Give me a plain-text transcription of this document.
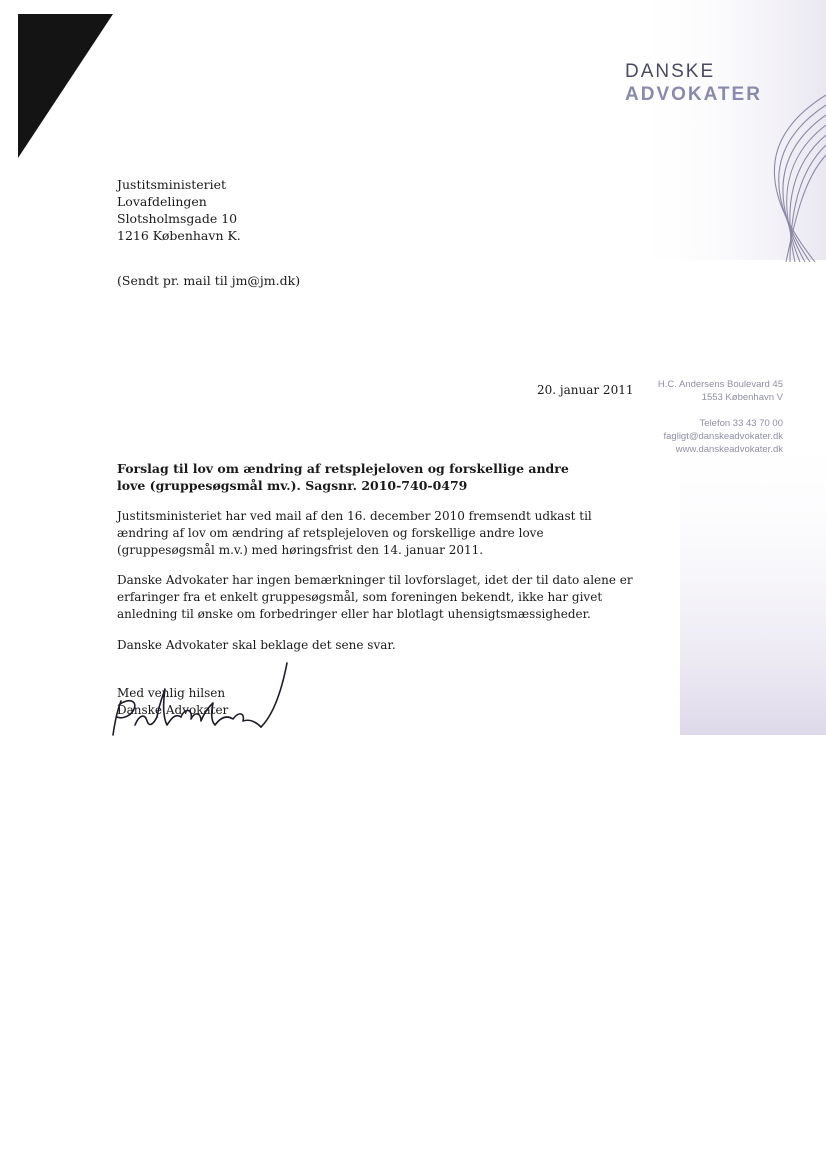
DANSKE
ADVOKATER
Justitsministeriet
Lovafdelingen
Slotsholmsgade 10
1216 København K.
(Sendt pr. mail til jm@jm.dk)
20. januar 2011	H.C. Andersens Boulevard 45
1553 København V
Telefon 33 43 70 00
fagligt@danskeadvokater.dk
www.danskeadvokater.dk
Forslag til lov om ændring af retsplejeloven og forskellige andre love (gruppesøgsmål mv.). Sagsnr. 2010-740-0479

Justitsministeriet har ved mail af den 16. december 2010 fremsendt udkast til ændring af lov om ændring af retsplejeloven og forskellige andre love (gruppesøgsmål m.v.) med høringsfrist den 14. januar 2011.

Danske Advokater har ingen bemærkninger til lovforslaget, idet der til dato alene er erfaringer fra et enkelt gruppesøgsmål, som foreningen bekendt, ikke har givet anledning til ønske om forbedringer eller har blotlagt uhensigtsmæssigheder.

Danske Advokater skal beklage det sene svar.

Med venlig hilsen
Danske Advokater
